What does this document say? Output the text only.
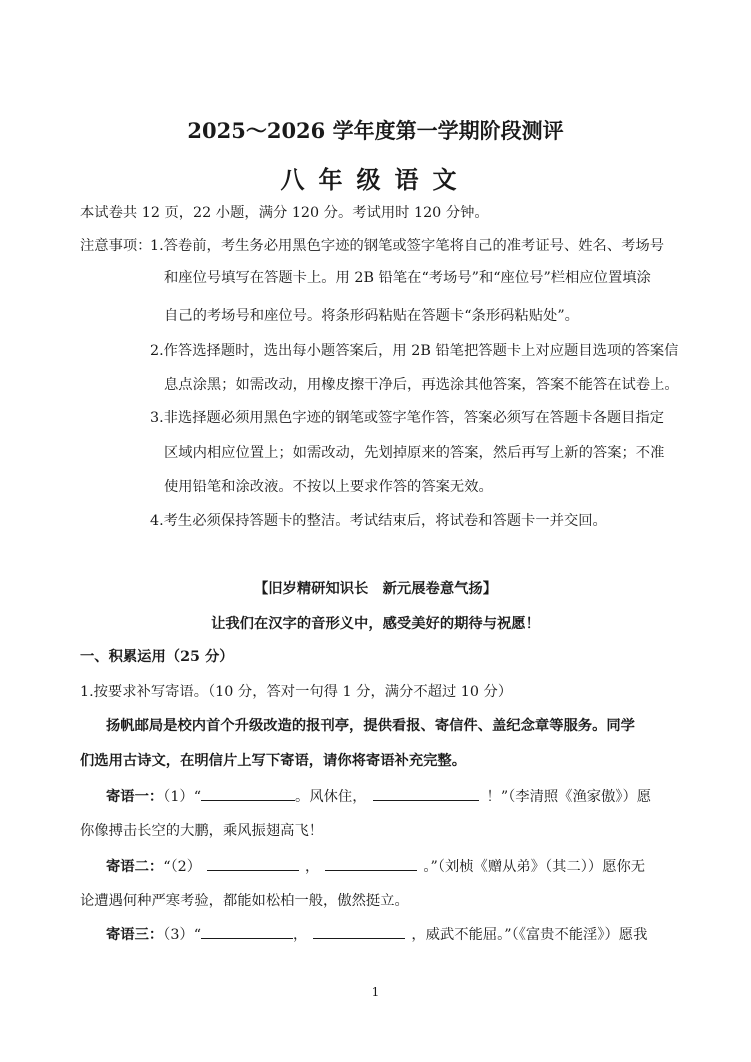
2025～2026 学年度第一学期阶段测评
八年级语文
本试卷共 12 页，22 小题，满分 120 分。考试用时 120 分钟。
注意事项：
1.答卷前，考生务必用黑色字迹的钢笔或签字笔将自己的准考证号、姓名、考场号
和座位号填写在答题卡上。用 2B 铅笔在“考场号”和“座位号”栏相应位置填涂
自己的考场号和座位号。将条形码粘贴在答题卡“条形码粘贴处”。
2.作答选择题时，选出每小题答案后，用 2B 铅笔把答题卡上对应题目选项的答案信
息点涂黑；如需改动，用橡皮擦干净后，再选涂其他答案，答案不能答在试卷上。
3.非选择题必须用黑色字迹的钢笔或签字笔作答，答案必须写在答题卡各题目指定
区域内相应位置上；如需改动，先划掉原来的答案，然后再写上新的答案；不准
使用铅笔和涂改液。不按以上要求作答的答案无效。
4.考生必须保持答题卡的整洁。考试结束后，将试卷和答题卡一并交回。
【旧岁精研知识长　新元展卷意气扬】
让我们在汉字的音形义中，感受美好的期待与祝愿！
一、积累运用（25 分）
1.按要求补写寄语。（10 分，答对一句得 1 分，满分不超过 10 分）
扬帆邮局是校内首个升级改造的报刊亭，提供看报、寄信件、盖纪念章等服务。同学
们选用古诗文，在明信片上写下寄语，请你将寄语补充完整。
寄语一：（1）“	。风休住，	！”（李清照《渔家傲》）愿
你像搏击长空的大鹏，乘风振翅高飞！
寄语二：“（2）	，	。”（刘桢《赠从弟》（其二））愿你无
论遭遇何种严寒考验，都能如松柏一般，傲然挺立。
寄语三：（3）“	，	，威武不能屈。”（《富贵不能淫》）愿我
1
